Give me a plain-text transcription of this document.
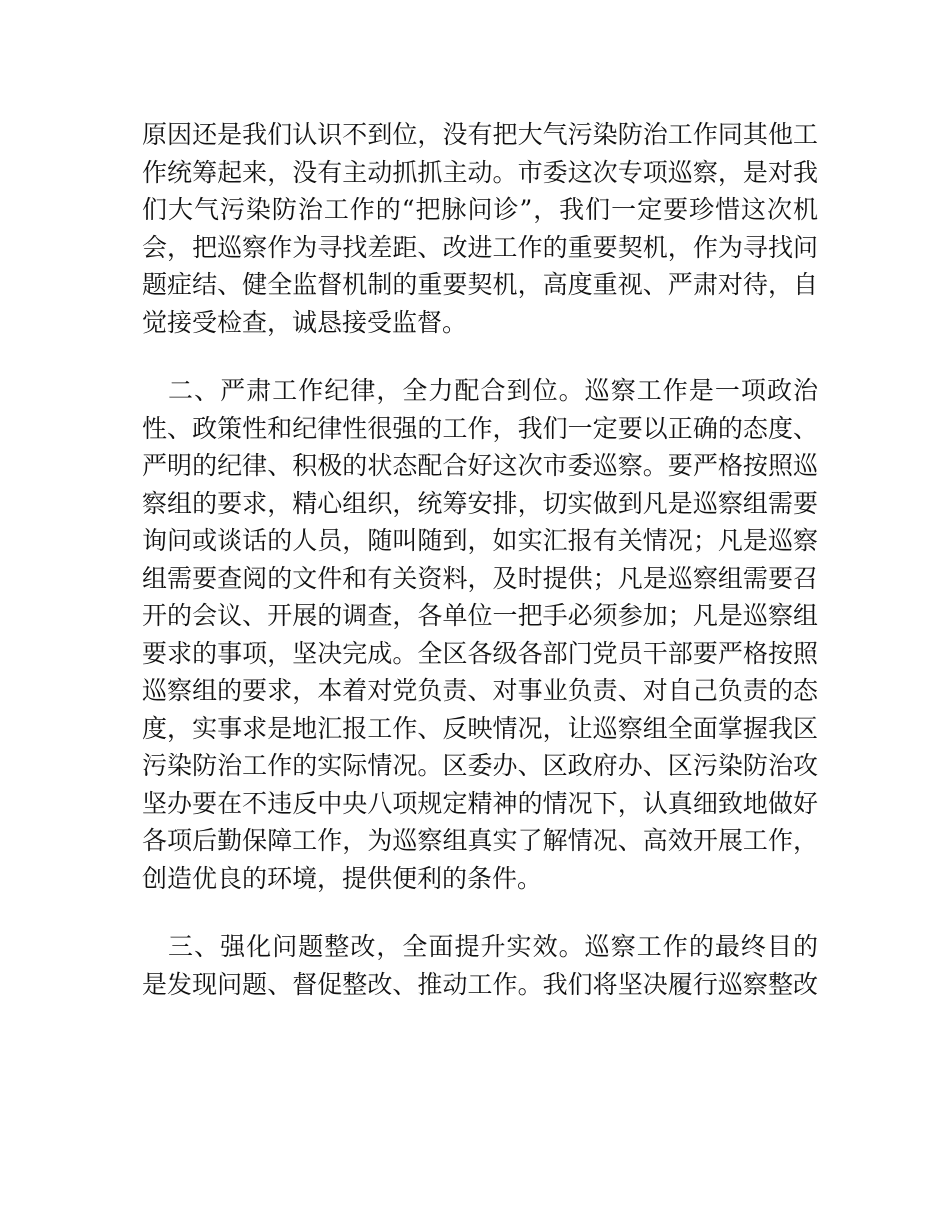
原因还是我们认识不到位，没有把大气污染防治工作同其他工
作统筹起来，没有主动抓抓主动。市委这次专项巡察，是对我
们大气污染防治工作的“把脉问诊”，我们一定要珍惜这次机
会，把巡察作为寻找差距、改进工作的重要契机，作为寻找问
题症结、健全监督机制的重要契机，高度重视、严肃对待，自
觉接受检查，诚恳接受监督。
　二、严肃工作纪律，全力配合到位。巡察工作是一项政治
性、政策性和纪律性很强的工作，我们一定要以正确的态度、
严明的纪律、积极的状态配合好这次市委巡察。要严格按照巡
察组的要求，精心组织，统筹安排，切实做到凡是巡察组需要
询问或谈话的人员，随叫随到，如实汇报有关情况；凡是巡察
组需要查阅的文件和有关资料，及时提供；凡是巡察组需要召
开的会议、开展的调查，各单位一把手必须参加；凡是巡察组
要求的事项，坚决完成。全区各级各部门党员干部要严格按照
巡察组的要求，本着对党负责、对事业负责、对自己负责的态
度，实事求是地汇报工作、反映情况，让巡察组全面掌握我区
污染防治工作的实际情况。区委办、区政府办、区污染防治攻
坚办要在不违反中央八项规定精神的情况下，认真细致地做好
各项后勤保障工作，为巡察组真实了解情况、高效开展工作，
创造优良的环境，提供便利的条件。
　三、强化问题整改，全面提升实效。巡察工作的最终目的
是发现问题、督促整改、推动工作。我们将坚决履行巡察整改
